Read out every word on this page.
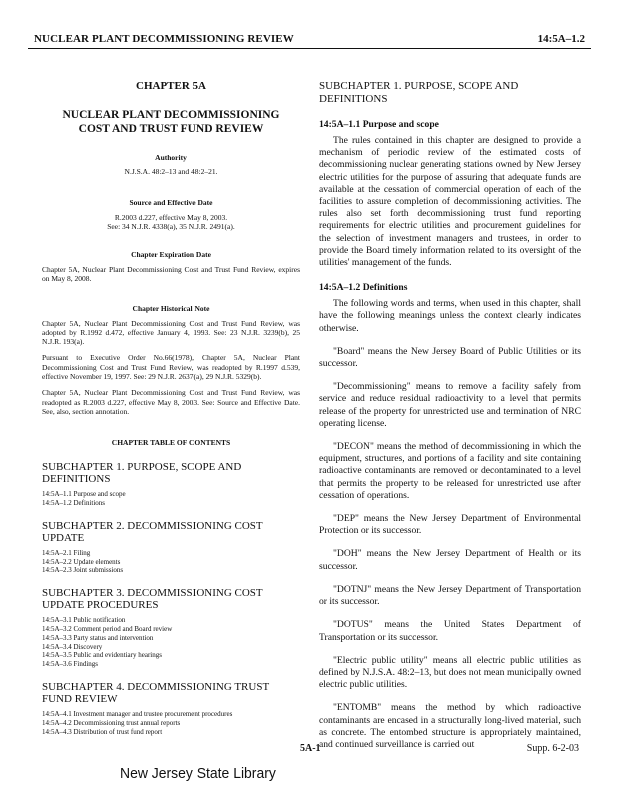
NUCLEAR PLANT DECOMMISSIONING REVIEW	14:5A–1.2
CHAPTER 5A
NUCLEAR PLANT DECOMMISSIONING
COST AND TRUST FUND REVIEW
Authority
N.J.S.A. 48:2–13 and 48:2–21.
Source and Effective Date
R.2003 d.227, effective May 8, 2003.
See: 34 N.J.R. 4338(a), 35 N.J.R. 2491(a).
Chapter Expiration Date
Chapter 5A, Nuclear Plant Decommissioning Cost and Trust Fund Review, expires on May 8, 2008.
Chapter Historical Note
Chapter 5A, Nuclear Plant Decommissioning Cost and Trust Fund Review, was adopted by R.1992 d.472, effective January 4, 1993. See: 23 N.J.R. 3239(b), 25 N.J.R. 193(a).
Pursuant to Executive Order No.66(1978), Chapter 5A, Nuclear Plant Decommissioning Cost and Trust Fund Review, was readopted by R.1997 d.539, effective November 19, 1997. See: 29 N.J.R. 2637(a), 29 N.J.R. 5329(b).
Chapter 5A, Nuclear Plant Decommissioning Cost and Trust Fund Review, was readopted as R.2003 d.227, effective May 8, 2003. See: Source and Effective Date. See, also, section annotation.
CHAPTER TABLE OF CONTENTS
SUBCHAPTER 1. PURPOSE, SCOPE AND DEFINITIONS
14:5A–1.1 Purpose and scope
14:5A–1.2 Definitions
SUBCHAPTER 2. DECOMMISSIONING COST UPDATE
14:5A–2.1 Filing
14:5A–2.2 Update elements
14:5A–2.3 Joint submissions
SUBCHAPTER 3. DECOMMISSIONING COST UPDATE PROCEDURES
14:5A–3.1 Public notification
14:5A–3.2 Comment period and Board review
14:5A–3.3 Party status and intervention
14:5A–3.4 Discovery
14:5A–3.5 Public and evidentiary hearings
14:5A–3.6 Findings
SUBCHAPTER 4. DECOMMISSIONING TRUST FUND REVIEW
14:5A–4.1 Investment manager and trustee procurement procedures
14:5A–4.2 Decommissioning trust annual reports
14:5A–4.3 Distribution of trust fund report
SUBCHAPTER 1. PURPOSE, SCOPE AND DEFINITIONS
14:5A–1.1 Purpose and scope
The rules contained in this chapter are designed to provide a mechanism of periodic review of the estimated costs of decommissioning nuclear generating stations owned by New Jersey electric utilities for the purpose of assuring that adequate funds are available at the cessation of commercial operation of each of the facilities to assure completion of decommissioning activities. The rules also set forth decommissioning trust fund reporting requirements for electric utilities and procurement guidelines for the selection of investment managers and trustees, in order to provide the Board timely information related to its oversight of the utilities' management of the funds.
14:5A–1.2 Definitions
The following words and terms, when used in this chapter, shall have the following meanings unless the context clearly indicates otherwise.
"Board" means the New Jersey Board of Public Utilities or its successor.
"Decommissioning" means to remove a facility safely from service and reduce residual radioactivity to a level that permits release of the property for unrestricted use and termination of NRC operating license.
"DECON" means the method of decommissioning in which the equipment, structures, and portions of a facility and site containing radioactive contaminants are removed or decontaminated to a level that permits the property to be released for unrestricted use after cessation of operations.
"DEP" means the New Jersey Department of Environmental Protection or its successor.
"DOH" means the New Jersey Department of Health or its successor.
"DOTNJ" means the New Jersey Department of Transportation or its successor.
"DOTUS" means the United States Department of Transportation or its successor.
"Electric public utility" means all electric public utilities as defined by N.J.S.A. 48:2–13, but does not mean municipally owned electric public utilities.
"ENTOMB" means the method by which radioactive contaminants are encased in a structurally long-lived material, such as concrete. The entombed structure is appropriately maintained, and continued surveillance is carried out
5A-1	Supp. 6-2-03
New Jersey State Library
